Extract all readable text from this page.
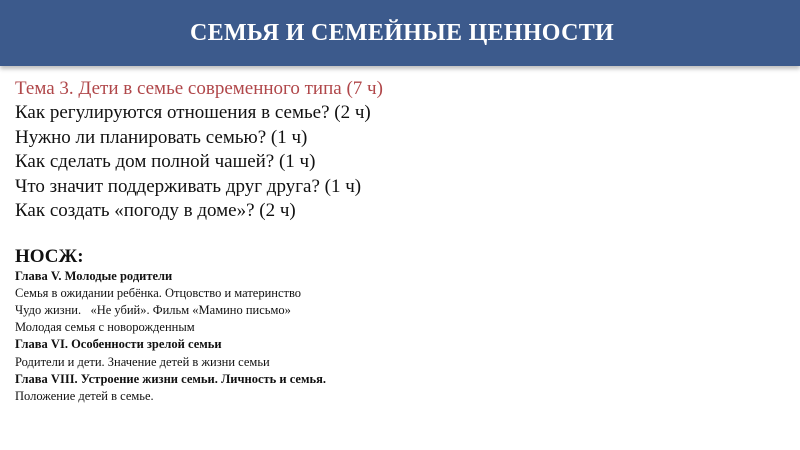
СЕМЬЯ И СЕМЕЙНЫЕ ЦЕННОСТИ

Тема 3. Дети в семье современного типа (7 ч)

Как регулируются отношения в семье? (2 ч)
Нужно ли планировать семью? (1 ч)
Как сделать дом полной чашей? (1 ч)
Что значит поддерживать друг друга? (1 ч)
Как создать «погоду в доме»? (2 ч)
НОСЖ:
Глава V. Молодые родители
Семья в ожидании ребёнка. Отцовство и материнство
Чудо жизни.   «Не убий». Фильм «Мамино письмо»
Молодая семья с новорожденным
Глава VI. Особенности зрелой семьи
Родители и дети. Значение детей в жизни семьи
Глава VIII. Устроение жизни семьи. Личность и семья.
Положение детей в семье.
